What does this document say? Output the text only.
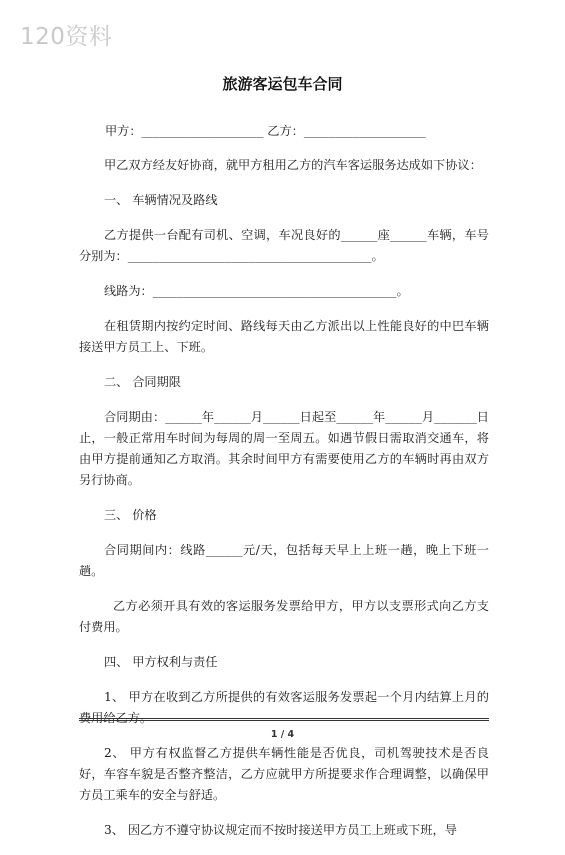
120资料
旅游客运包车合同

甲方：____________________ 乙方：____________________

甲乙双方经友好协商，就甲方租用乙方的汽车客运服务达成如下协议：

一、 车辆情况及路线

乙方提供一台配有司机、空调，车况良好的______座______车辆，车号分别为：________________________________________。

线路为：________________________________________。

在租赁期内按约定时间、路线每天由乙方派出以上性能良好的中巴车辆接送甲方员工上、下班。

二、 合同期限

合同期由：______年______月______日起至______年______月_______日止，一般正常用车时间为每周的周一至周五。如遇节假日需取消交通车，将由甲方提前通知乙方取消。其余时间甲方有需要使用乙方的车辆时再由双方另行协商。

三、 价格

合同期间内：线路______元/天，包括每天早上上班一趟，晚上下班一趟。

乙方必须开具有效的客运服务发票给甲方，甲方以支票形式向乙方支付费用。

四、 甲方权利与责任

1、 甲方在收到乙方所提供的有效客运服务发票起一个月内结算上月的费用给乙方。

2、 甲方有权监督乙方提供车辆性能是否优良，司机驾驶技术是否良好，车容车貌是否整齐整洁，乙方应就甲方所提要求作合理调整，以确保甲方员工乘车的安全与舒适。

3、 因乙方不遵守协议规定而不按时接送甲方员工上班或下班，导

1 / 4
